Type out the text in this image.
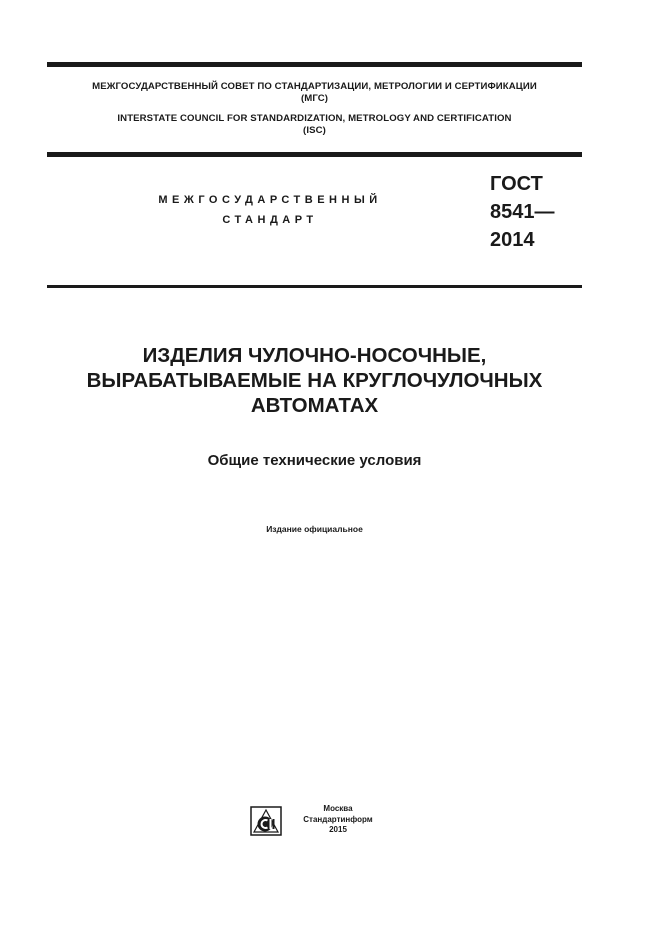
МЕЖГОСУДАРСТВЕННЫЙ СОВЕТ ПО СТАНДАРТИЗАЦИИ, МЕТРОЛОГИИ И СЕРТИФИКАЦИИ
(МГС)
INTERSTATE COUNCIL FOR STANDARDIZATION, METROLOGY AND CERTIFICATION
(ISC)
МЕЖГОСУДАРСТВЕННЫЙ
СТАНДАРТ
ГОСТ
8541—
2014
ИЗДЕЛИЯ ЧУЛОЧНО-НОСОЧНЫЕ,
ВЫРАБАТЫВАЕМЫЕ НА КРУГЛОЧУЛОЧНЫХ
АВТОМАТАХ
Общие технические условия
Издание официальное
Москва
Стандартинформ
2015
